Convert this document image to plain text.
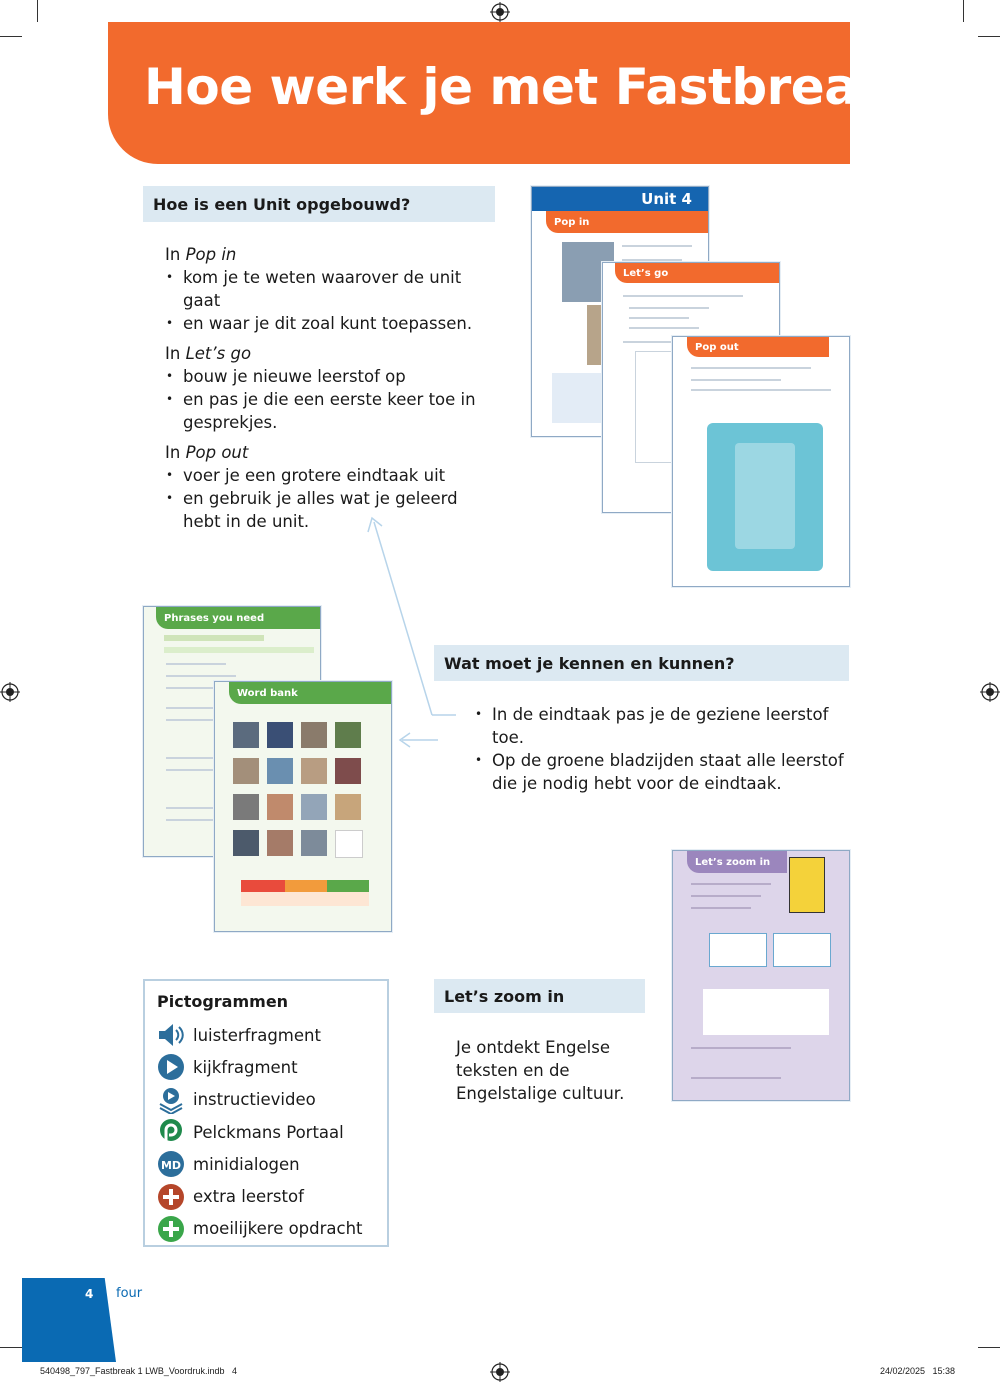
Hoe werk je met Fastbreak 1?
Hoe is een Unit opgebouwd?
In Pop in
• kom je te weten waarover de unit gaat
• en waar je dit zoal kunt toepassen.
In Let’s go
• bouw je nieuwe leerstof op
• en pas je die een eerste keer toe in gesprekjes.
In Pop out
• voer je een grotere eindtaak uit
• en gebruik je alles wat je geleerd hebt in de unit.
Unit 4
Pop in
Let’s go
Pop out
Phrases you need
Word bank
Wat moet je kennen en kunnen?
• In de eindtaak pas je de geziene leerstof toe.
• Op de groene bladzijden staat alle leerstof die je nodig hebt voor de eindtaak.
Pictogrammen
luisterfragment
kijkfragment
instructievideo
Pelckmans Portaal
MD minidialogen
extra leerstof
moeilijkere opdracht
Let’s zoom in
Je ontdekt Engelse teksten en de Engelstalige cultuur.
Let’s zoom in
4 four
540498_797_Fastbreak 1 LWB_Voordruk.indb   4	24/02/2025   15:38
